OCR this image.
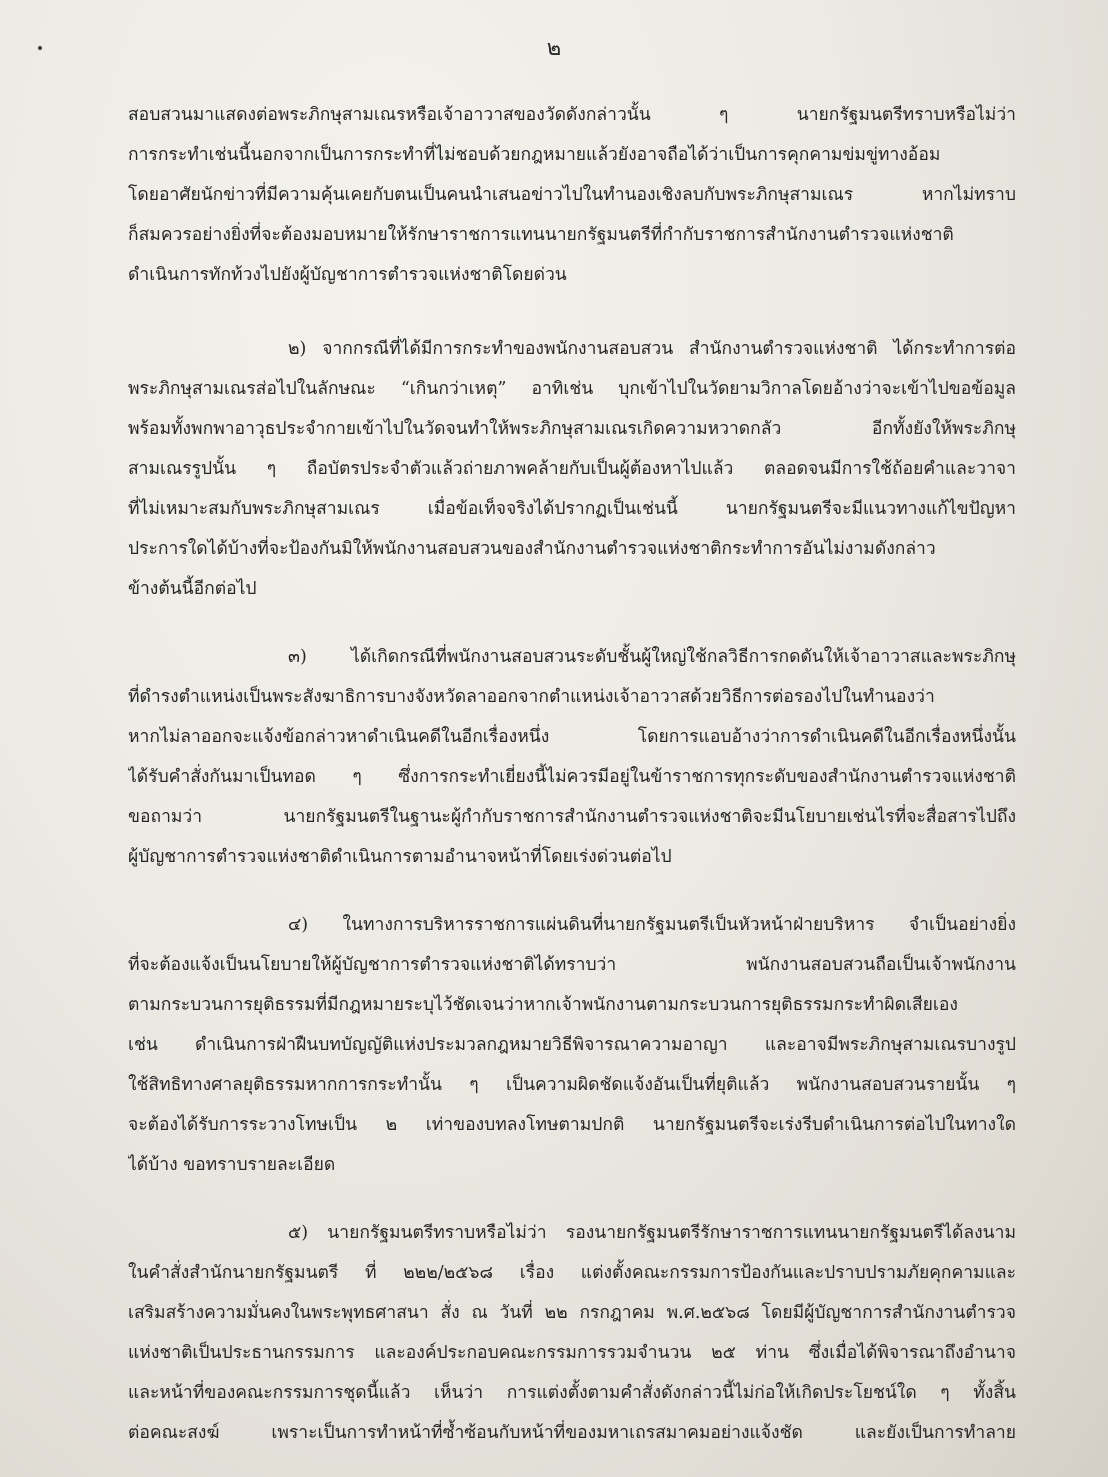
๒
สอบสวนมาแสดงต่อพระภิกษุสามเณรหรือเจ้าอาวาสของวัดดังกล่าวนั้น ๆ นายกรัฐมนตรีทราบหรือไม่ว่า
การกระทำเช่นนี้นอกจากเป็นการกระทำที่ไม่ชอบด้วยกฎหมายแล้วยังอาจถือได้ว่าเป็นการคุกคามข่มขู่ทางอ้อม
โดยอาศัยนักข่าวที่มีความคุ้นเคยกับตนเป็นคนนำเสนอข่าวไปในทำนองเชิงลบกับพระภิกษุสามเณร หากไม่ทราบ
ก็สมควรอย่างยิ่งที่จะต้องมอบหมายให้รักษาราชการแทนนายกรัฐมนตรีที่กำกับราชการสำนักงานตำรวจแห่งชาติ
ดำเนินการทักท้วงไปยังผู้บัญชาการตำรวจแห่งชาติโดยด่วน
๒) จากกรณีที่ได้มีการกระทำของพนักงานสอบสวน สำนักงานตำรวจแห่งชาติ ได้กระทำการต่อ
พระภิกษุสามเณรส่อไปในลักษณะ “เกินกว่าเหตุ” อาทิเช่น บุกเข้าไปในวัดยามวิกาลโดยอ้างว่าจะเข้าไปขอข้อมูล
พร้อมทั้งพกพาอาวุธประจำกายเข้าไปในวัดจนทำให้พระภิกษุสามเณรเกิดความหวาดกลัว อีกทั้งยังให้พระภิกษุ
สามเณรรูปนั้น ๆ ถือบัตรประจำตัวแล้วถ่ายภาพคล้ายกับเป็นผู้ต้องหาไปแล้ว ตลอดจนมีการใช้ถ้อยคำและวาจา
ที่ไม่เหมาะสมกับพระภิกษุสามเณร เมื่อข้อเท็จจริงได้ปรากฏเป็นเช่นนี้ นายกรัฐมนตรีจะมีแนวทางแก้ไขปัญหา
ประการใดได้บ้างที่จะป้องกันมิให้พนักงานสอบสวนของสำนักงานตำรวจแห่งชาติกระทำการอันไม่งามดังกล่าว
ข้างต้นนี้อีกต่อไป
๓) ได้เกิดกรณีที่พนักงานสอบสวนระดับชั้นผู้ใหญ่ใช้กลวิธีการกดดันให้เจ้าอาวาสและพระภิกษุ
ที่ดำรงตำแหน่งเป็นพระสังฆาธิการบางจังหวัดลาออกจากตำแหน่งเจ้าอาวาสด้วยวิธีการต่อรองไปในทำนองว่า
หากไม่ลาออกจะแจ้งข้อกล่าวหาดำเนินคดีในอีกเรื่องหนึ่ง โดยการแอบอ้างว่าการดำเนินคดีในอีกเรื่องหนึ่งนั้น
ได้รับคำสั่งกันมาเป็นทอด ๆ ซึ่งการกระทำเยี่ยงนี้ไม่ควรมีอยู่ในข้าราชการทุกระดับของสำนักงานตำรวจแห่งชาติ
ขอถามว่า นายกรัฐมนตรีในฐานะผู้กำกับราชการสำนักงานตำรวจแห่งชาติจะมีนโยบายเช่นไรที่จะสื่อสารไปถึง
ผู้บัญชาการตำรวจแห่งชาติดำเนินการตามอำนาจหน้าที่โดยเร่งด่วนต่อไป
๔) ในทางการบริหารราชการแผ่นดินที่นายกรัฐมนตรีเป็นหัวหน้าฝ่ายบริหาร จำเป็นอย่างยิ่ง
ที่จะต้องแจ้งเป็นนโยบายให้ผู้บัญชาการตำรวจแห่งชาติได้ทราบว่า พนักงานสอบสวนถือเป็นเจ้าพนักงาน
ตามกระบวนการยุติธรรมที่มีกฎหมายระบุไว้ชัดเจนว่าหากเจ้าพนักงานตามกระบวนการยุติธรรมกระทำผิดเสียเอง
เช่น ดำเนินการฝ่าฝืนบทบัญญัติแห่งประมวลกฎหมายวิธีพิจารณาความอาญา และอาจมีพระภิกษุสามเณรบางรูป
ใช้สิทธิทางศาลยุติธรรมหากการกระทำนั้น ๆ เป็นความผิดชัดแจ้งอันเป็นที่ยุติแล้ว พนักงานสอบสวนรายนั้น ๆ
จะต้องได้รับการระวางโทษเป็น ๒ เท่าของบทลงโทษตามปกติ นายกรัฐมนตรีจะเร่งรีบดำเนินการต่อไปในทางใด
ได้บ้าง ขอทราบรายละเอียด
๕) นายกรัฐมนตรีทราบหรือไม่ว่า รองนายกรัฐมนตรีรักษาราชการแทนนายกรัฐมนตรีได้ลงนาม
ในคำสั่งสำนักนายกรัฐมนตรี ที่ ๒๒๒/๒๕๖๘ เรื่อง แต่งตั้งคณะกรรมการป้องกันและปราบปรามภัยคุกคามและ
เสริมสร้างความมั่นคงในพระพุทธศาสนา สั่ง ณ วันที่ ๒๒ กรกฎาคม พ.ศ.๒๕๖๘ โดยมีผู้บัญชาการสำนักงานตำรวจ
แห่งชาติเป็นประธานกรรมการ และองค์ประกอบคณะกรรมการรวมจำนวน ๒๕ ท่าน ซึ่งเมื่อได้พิจารณาถึงอำนาจ
และหน้าที่ของคณะกรรมการชุดนี้แล้ว เห็นว่า การแต่งตั้งตามคำสั่งดังกล่าวนี้ไม่ก่อให้เกิดประโยชน์ใด ๆ ทั้งสิ้น
ต่อคณะสงฆ์ เพราะเป็นการทำหน้าที่ซ้ำซ้อนกับหน้าที่ของมหาเถรสมาคมอย่างแจ้งชัด และยังเป็นการทำลาย
